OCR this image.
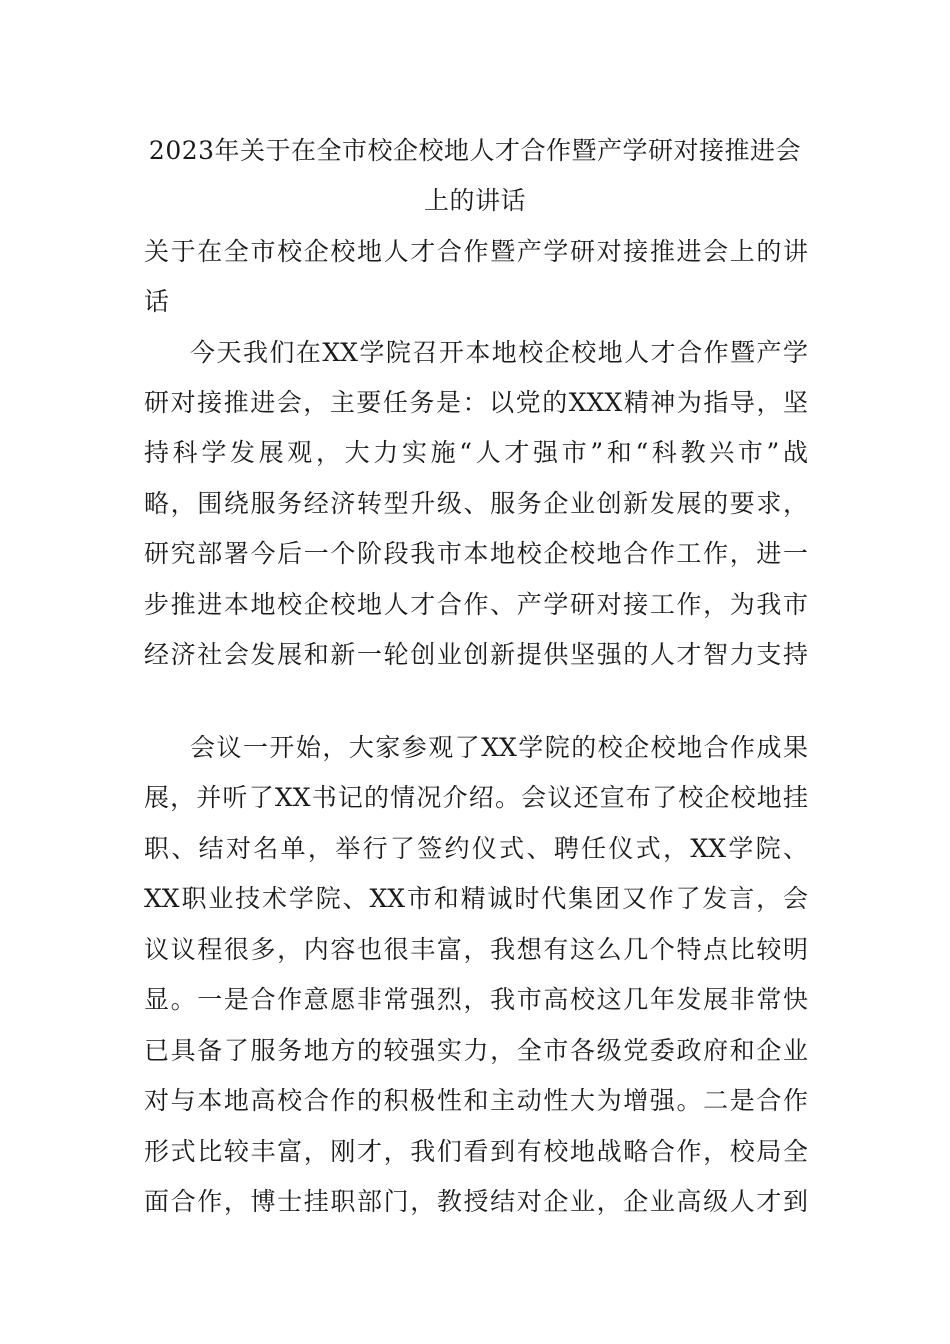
2023年关于在全市校企校地人才合作暨产学研对接推进会
上的讲话
关于在全市校企校地人才合作暨产学研对接推进会上的讲
话
今天我们在XX学院召开本地校企校地人才合作暨产学
研对接推进会，主要任务是：以党的XXX精神为指导，坚
持科学发展观，大力实施“人才强市”和“科教兴市”战
略，围绕服务经济转型升级、服务企业创新发展的要求，
研究部署今后一个阶段我市本地校企校地合作工作，进一
步推进本地校企校地人才合作、产学研对接工作，为我市
经济社会发展和新一轮创业创新提供坚强的人才智力支持
会议一开始，大家参观了XX学院的校企校地合作成果
展，并听了XX书记的情况介绍。会议还宣布了校企校地挂
职、结对名单，举行了签约仪式、聘任仪式，XX学院、
XX职业技术学院、XX市和精诚时代集团又作了发言，会
议议程很多，内容也很丰富，我想有这么几个特点比较明
显。一是合作意愿非常强烈，我市高校这几年发展非常快
已具备了服务地方的较强实力，全市各级党委政府和企业
对与本地高校合作的积极性和主动性大为增强。二是合作
形式比较丰富，刚才，我们看到有校地战略合作，校局全
面合作，博士挂职部门，教授结对企业，企业高级人才到
